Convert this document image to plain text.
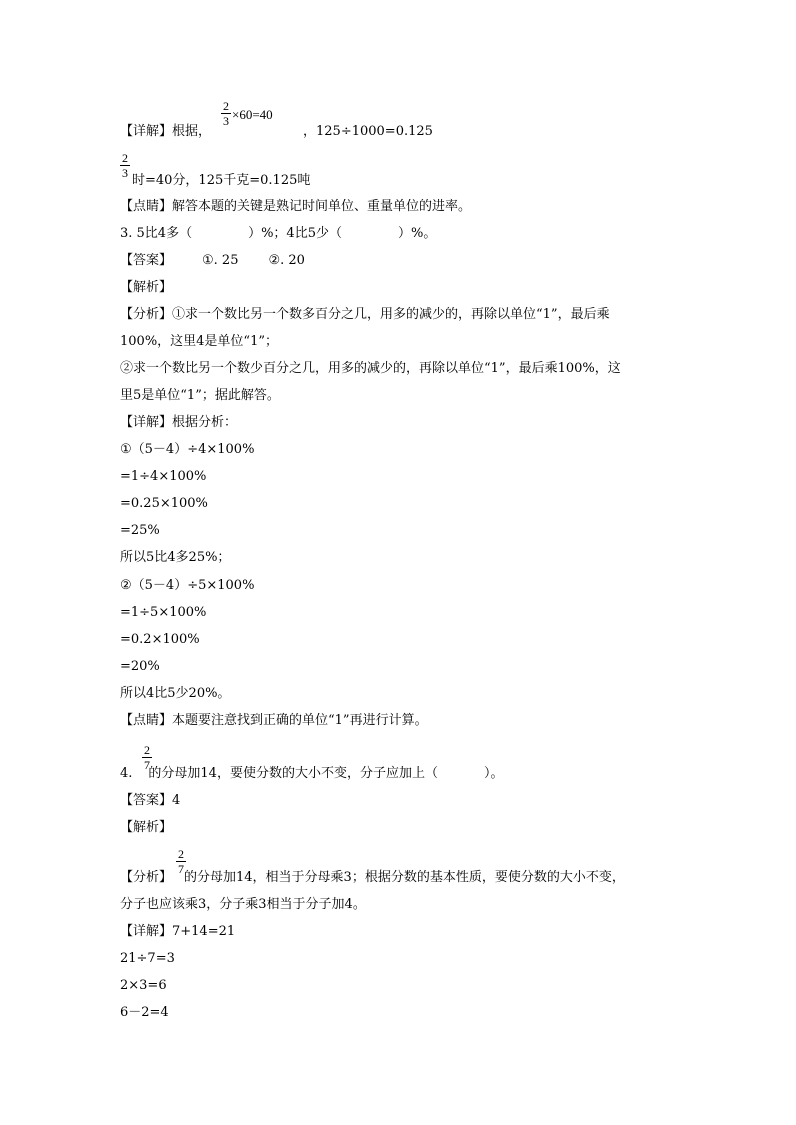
2
3 ×60=40
【详解】根据，	，125÷1000=0.125
2
3 时=40分，125千克=0.125吨
【点睛】解答本题的关键是熟记时间单位、重量单位的进率。
3. 5比4多（	）%；4比5少（	）%。
【答案】 ①. 25 ②. 20
【解析】
【分析】①求一个数比另一个数多百分之几，用多的减少的，再除以单位“1”，最后乘
100%，这里4是单位“1”；
②求一个数比另一个数少百分之几，用多的减少的，再除以单位“1”，最后乘100%，这
里5是单位“1”；据此解答。
【详解】根据分析：
①（5－4）÷4×100%
=1÷4×100%
=0.25×100%
=25%
所以5比4多25%；
②（5－4）÷5×100%
=1÷5×100%
=0.2×100%
=20%
所以4比5少20%。
【点睛】本题要注意找到正确的单位“1”再进行计算。
2
7
4. 的分母加14，要使分数的大小不变，分子应加上（	）。
【答案】4
【解析】
2
7
【分析】 的分母加14，相当于分母乘3；根据分数的基本性质，要使分数的大小不变，
分子也应该乘3，分子乘3相当于分子加4。
【详解】7+14=21
21÷7=3
2×3=6
6－2=4
